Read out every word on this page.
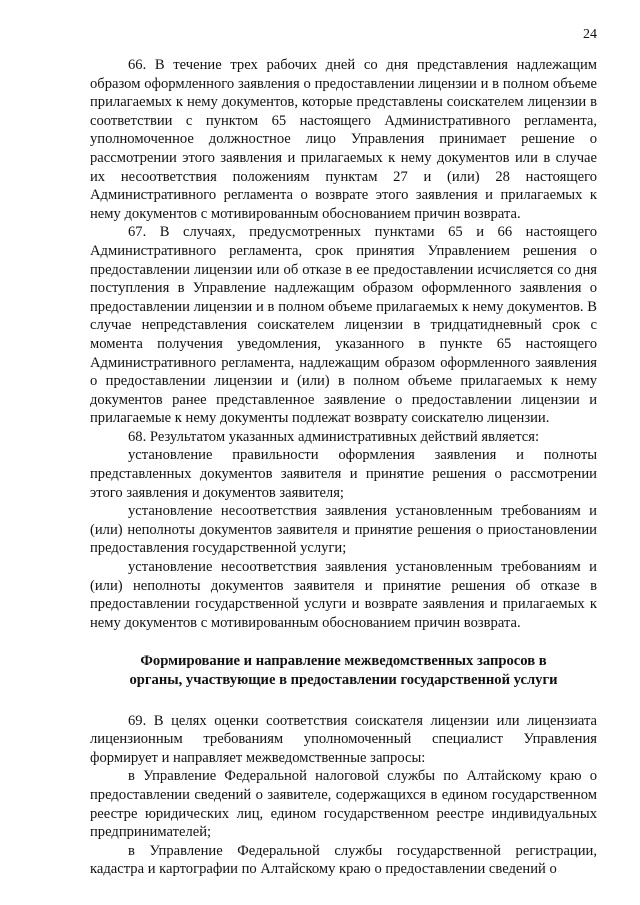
24

66. В течение трех рабочих дней со дня представления надлежащим образом оформленного заявления о предоставлении лицензии и в полном объеме прилагаемых к нему документов, которые представлены соискателем лицензии в соответствии с пунктом 65 настоящего Административного регламента, уполномоченное должностное лицо Управления принимает решение о рассмотрении этого заявления и прилагаемых к нему документов или в случае их несоответствия положениям пунктам 27 и (или) 28 настоящего Административного регламента о возврате этого заявления и прилагаемых к нему документов с мотивированным обоснованием причин возврата.

67. В случаях, предусмотренных пунктами 65 и 66 настоящего Административного регламента, срок принятия Управлением решения о предоставлении лицензии или об отказе в ее предоставлении исчисляется со дня поступления в Управление надлежащим образом оформленного заявления о предоставлении лицензии и в полном объеме прилагаемых к нему документов. В случае непредставления соискателем лицензии в тридцатидневный срок с момента получения уведомления, указанного в пункте 65 настоящего Административного регламента, надлежащим образом оформленного заявления о предоставлении лицензии и (или) в полном объеме прилагаемых к нему документов ранее представленное заявление о предоставлении лицензии и прилагаемые к нему документы подлежат возврату соискателю лицензии.

68. Результатом указанных административных действий является:

установление правильности оформления заявления и полноты представленных документов заявителя и принятие решения о рассмотрении этого заявления и документов заявителя;

установление несоответствия заявления установленным требованиям и (или) неполноты документов заявителя и принятие решения о приостановлении предоставления государственной услуги;

установление несоответствия заявления установленным требованиям и (или) неполноты документов заявителя и принятие решения об отказе в предоставлении государственной услуги и возврате заявления и прилагаемых к нему документов с мотивированным обоснованием причин возврата.

Формирование и направление межведомственных запросов в
органы, участвующие в предоставлении государственной услуги

69. В целях оценки соответствия соискателя лицензии или лицензиата лицензионным требованиям уполномоченный специалист Управления формирует и направляет межведомственные запросы:

в Управление Федеральной налоговой службы по Алтайскому краю о предоставлении сведений о заявителе, содержащихся в едином государственном реестре юридических лиц, едином государственном реестре индивидуальных предпринимателей;

в Управление Федеральной службы государственной регистрации, кадастра и картографии по Алтайскому краю о предоставлении сведений о
